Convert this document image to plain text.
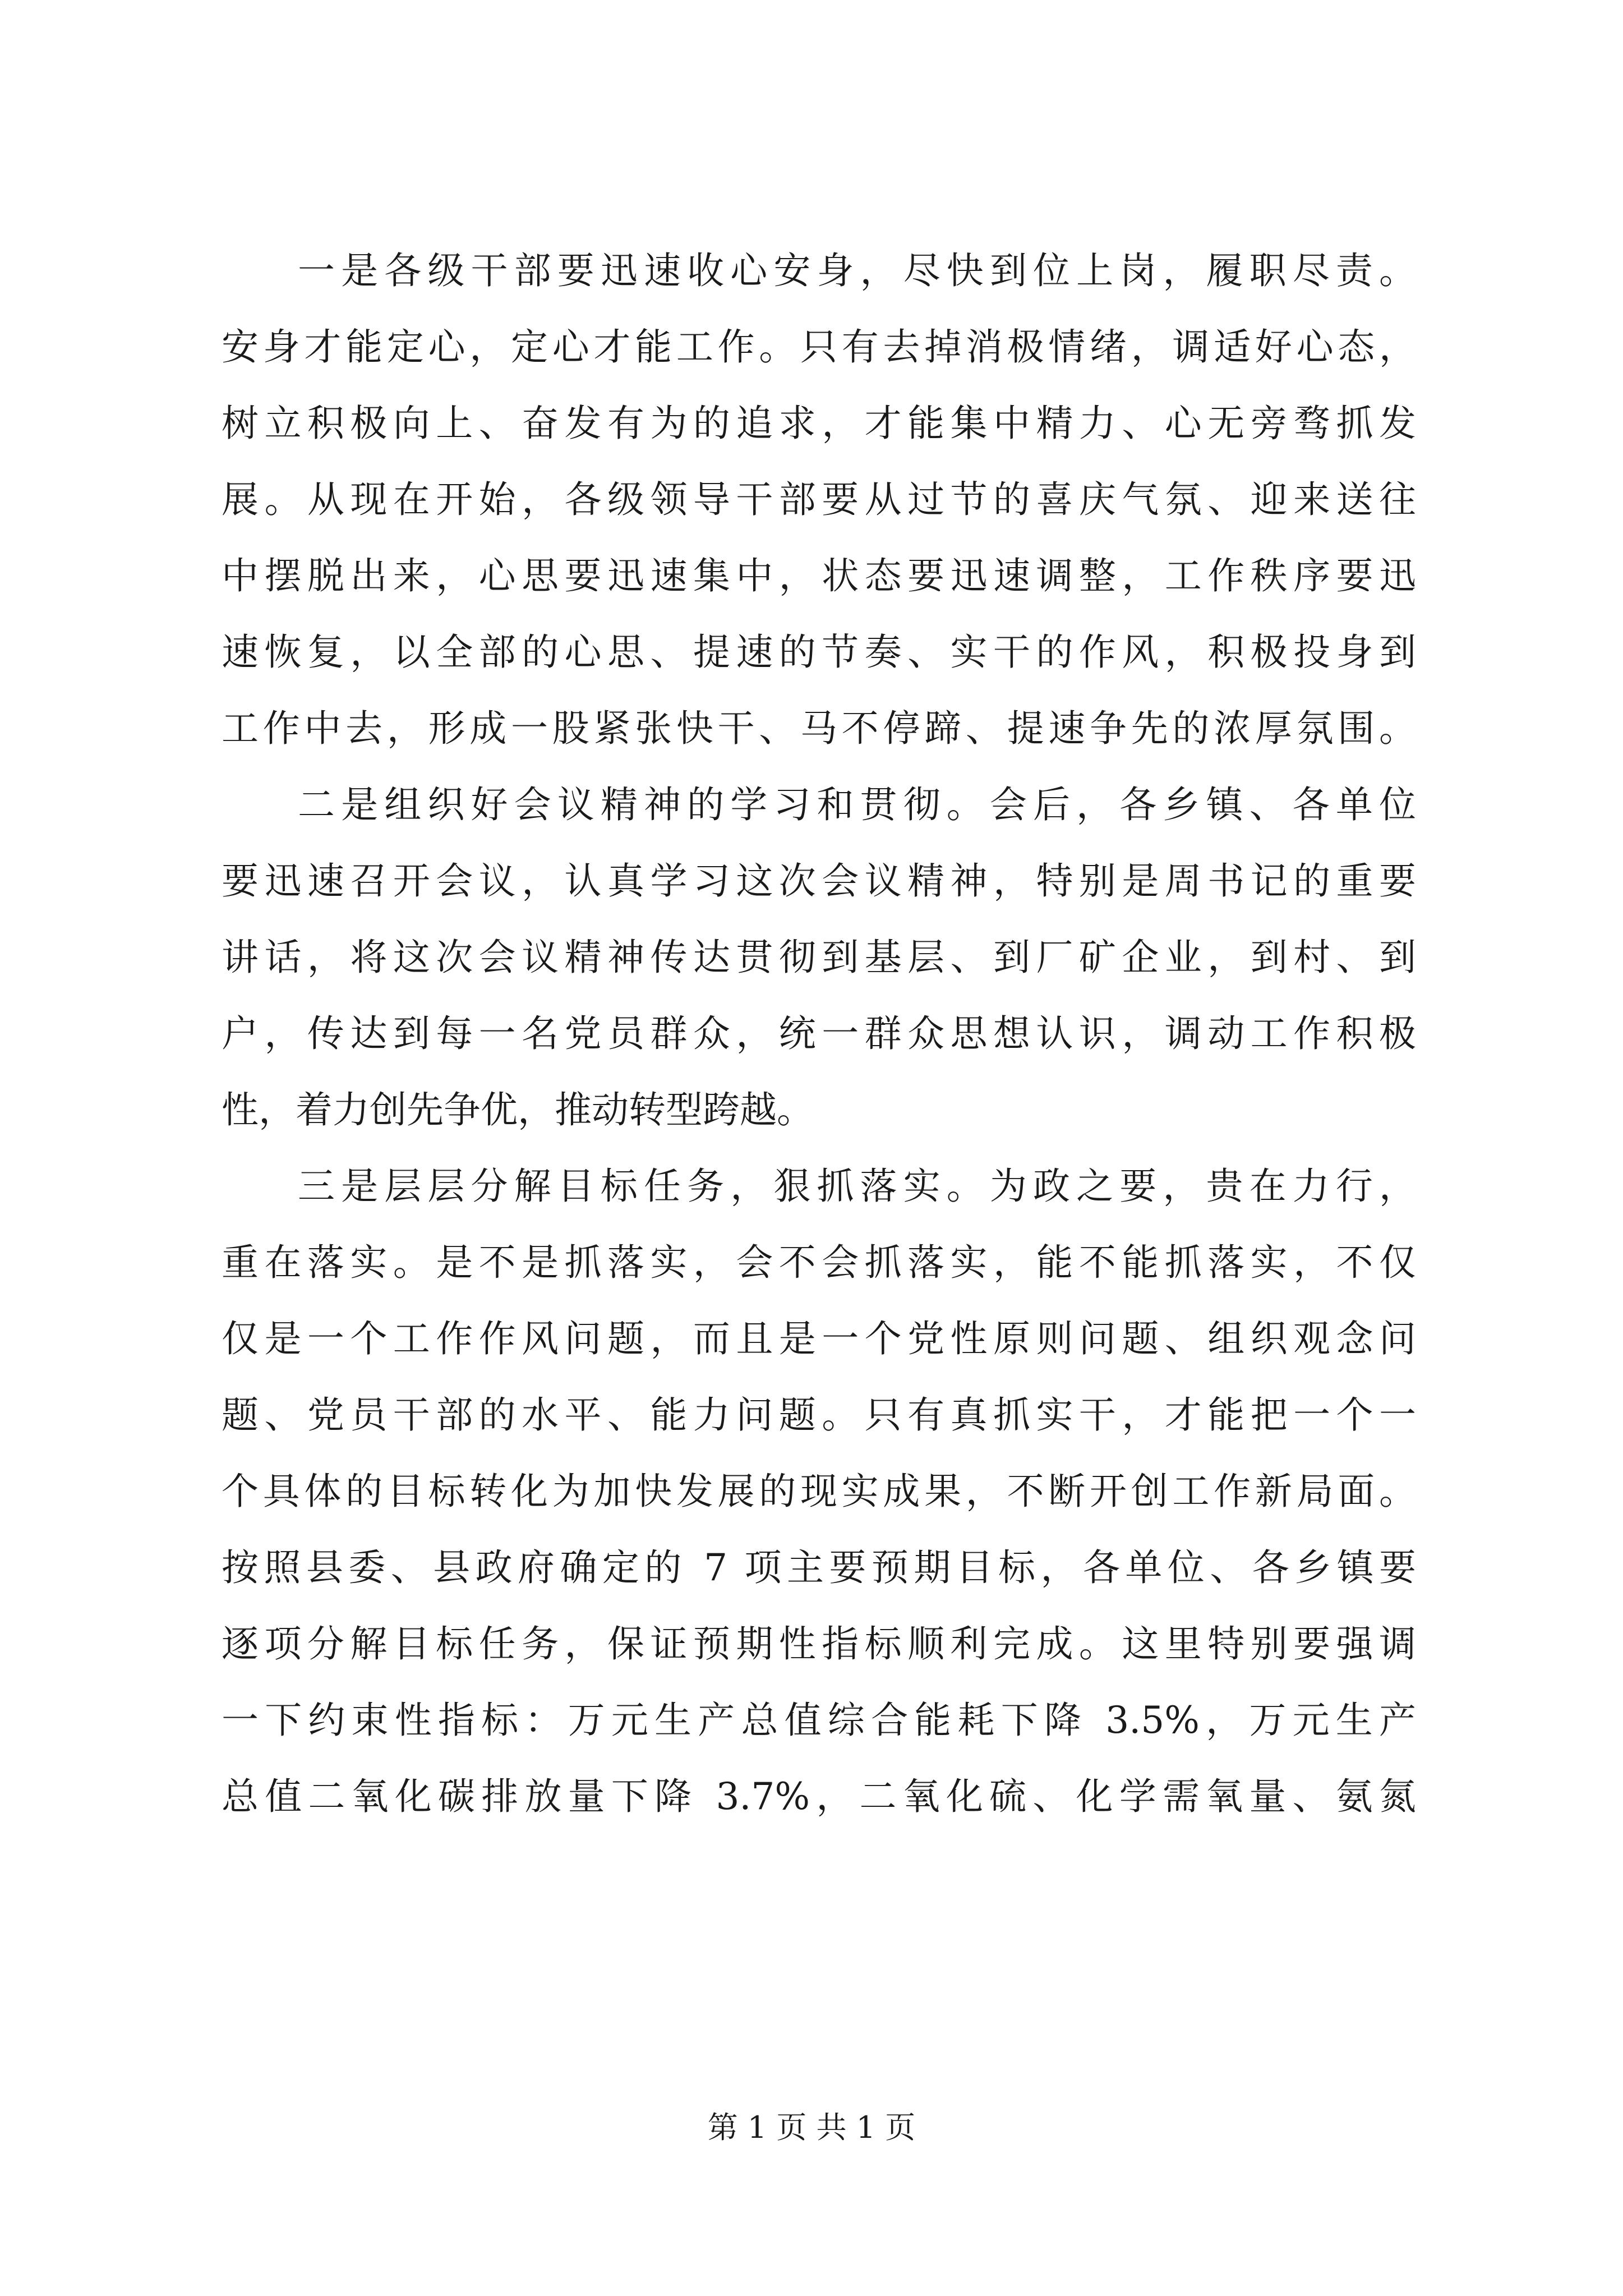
一是各级干部要迅速收心安身，尽快到位上岗，履职尽责。
安身才能定心，定心才能工作。只有去掉消极情绪，调适好心态，
树立积极向上、奋发有为的追求，才能集中精力、心无旁骛抓发
展。从现在开始，各级领导干部要从过节的喜庆气氛、迎来送往
中摆脱出来，心思要迅速集中，状态要迅速调整，工作秩序要迅
速恢复，以全部的心思、提速的节奏、实干的作风，积极投身到
工作中去，形成一股紧张快干、马不停蹄、提速争先的浓厚氛围。
二是组织好会议精神的学习和贯彻。会后，各乡镇、各单位
要迅速召开会议，认真学习这次会议精神，特别是周书记的重要
讲话，将这次会议精神传达贯彻到基层、到厂矿企业，到村、到
户，传达到每一名党员群众，统一群众思想认识，调动工作积极
性，着力创先争优，推动转型跨越。
三是层层分解目标任务，狠抓落实。为政之要，贵在力行，
重在落实。是不是抓落实，会不会抓落实，能不能抓落实，不仅
仅是一个工作作风问题，而且是一个党性原则问题、组织观念问
题、党员干部的水平、能力问题。只有真抓实干，才能把一个一
个具体的目标转化为加快发展的现实成果，不断开创工作新局面。
按照县委、县政府确定的 7 项主要预期目标，各单位、各乡镇要
逐项分解目标任务，保证预期性指标顺利完成。这里特别要强调
一下约束性指标：万元生产总值综合能耗下降 3.5%，万元生产
总值二氧化碳排放量下降 3.7%，二氧化硫、化学需氧量、氨氮
第 1 页 共 1 页
